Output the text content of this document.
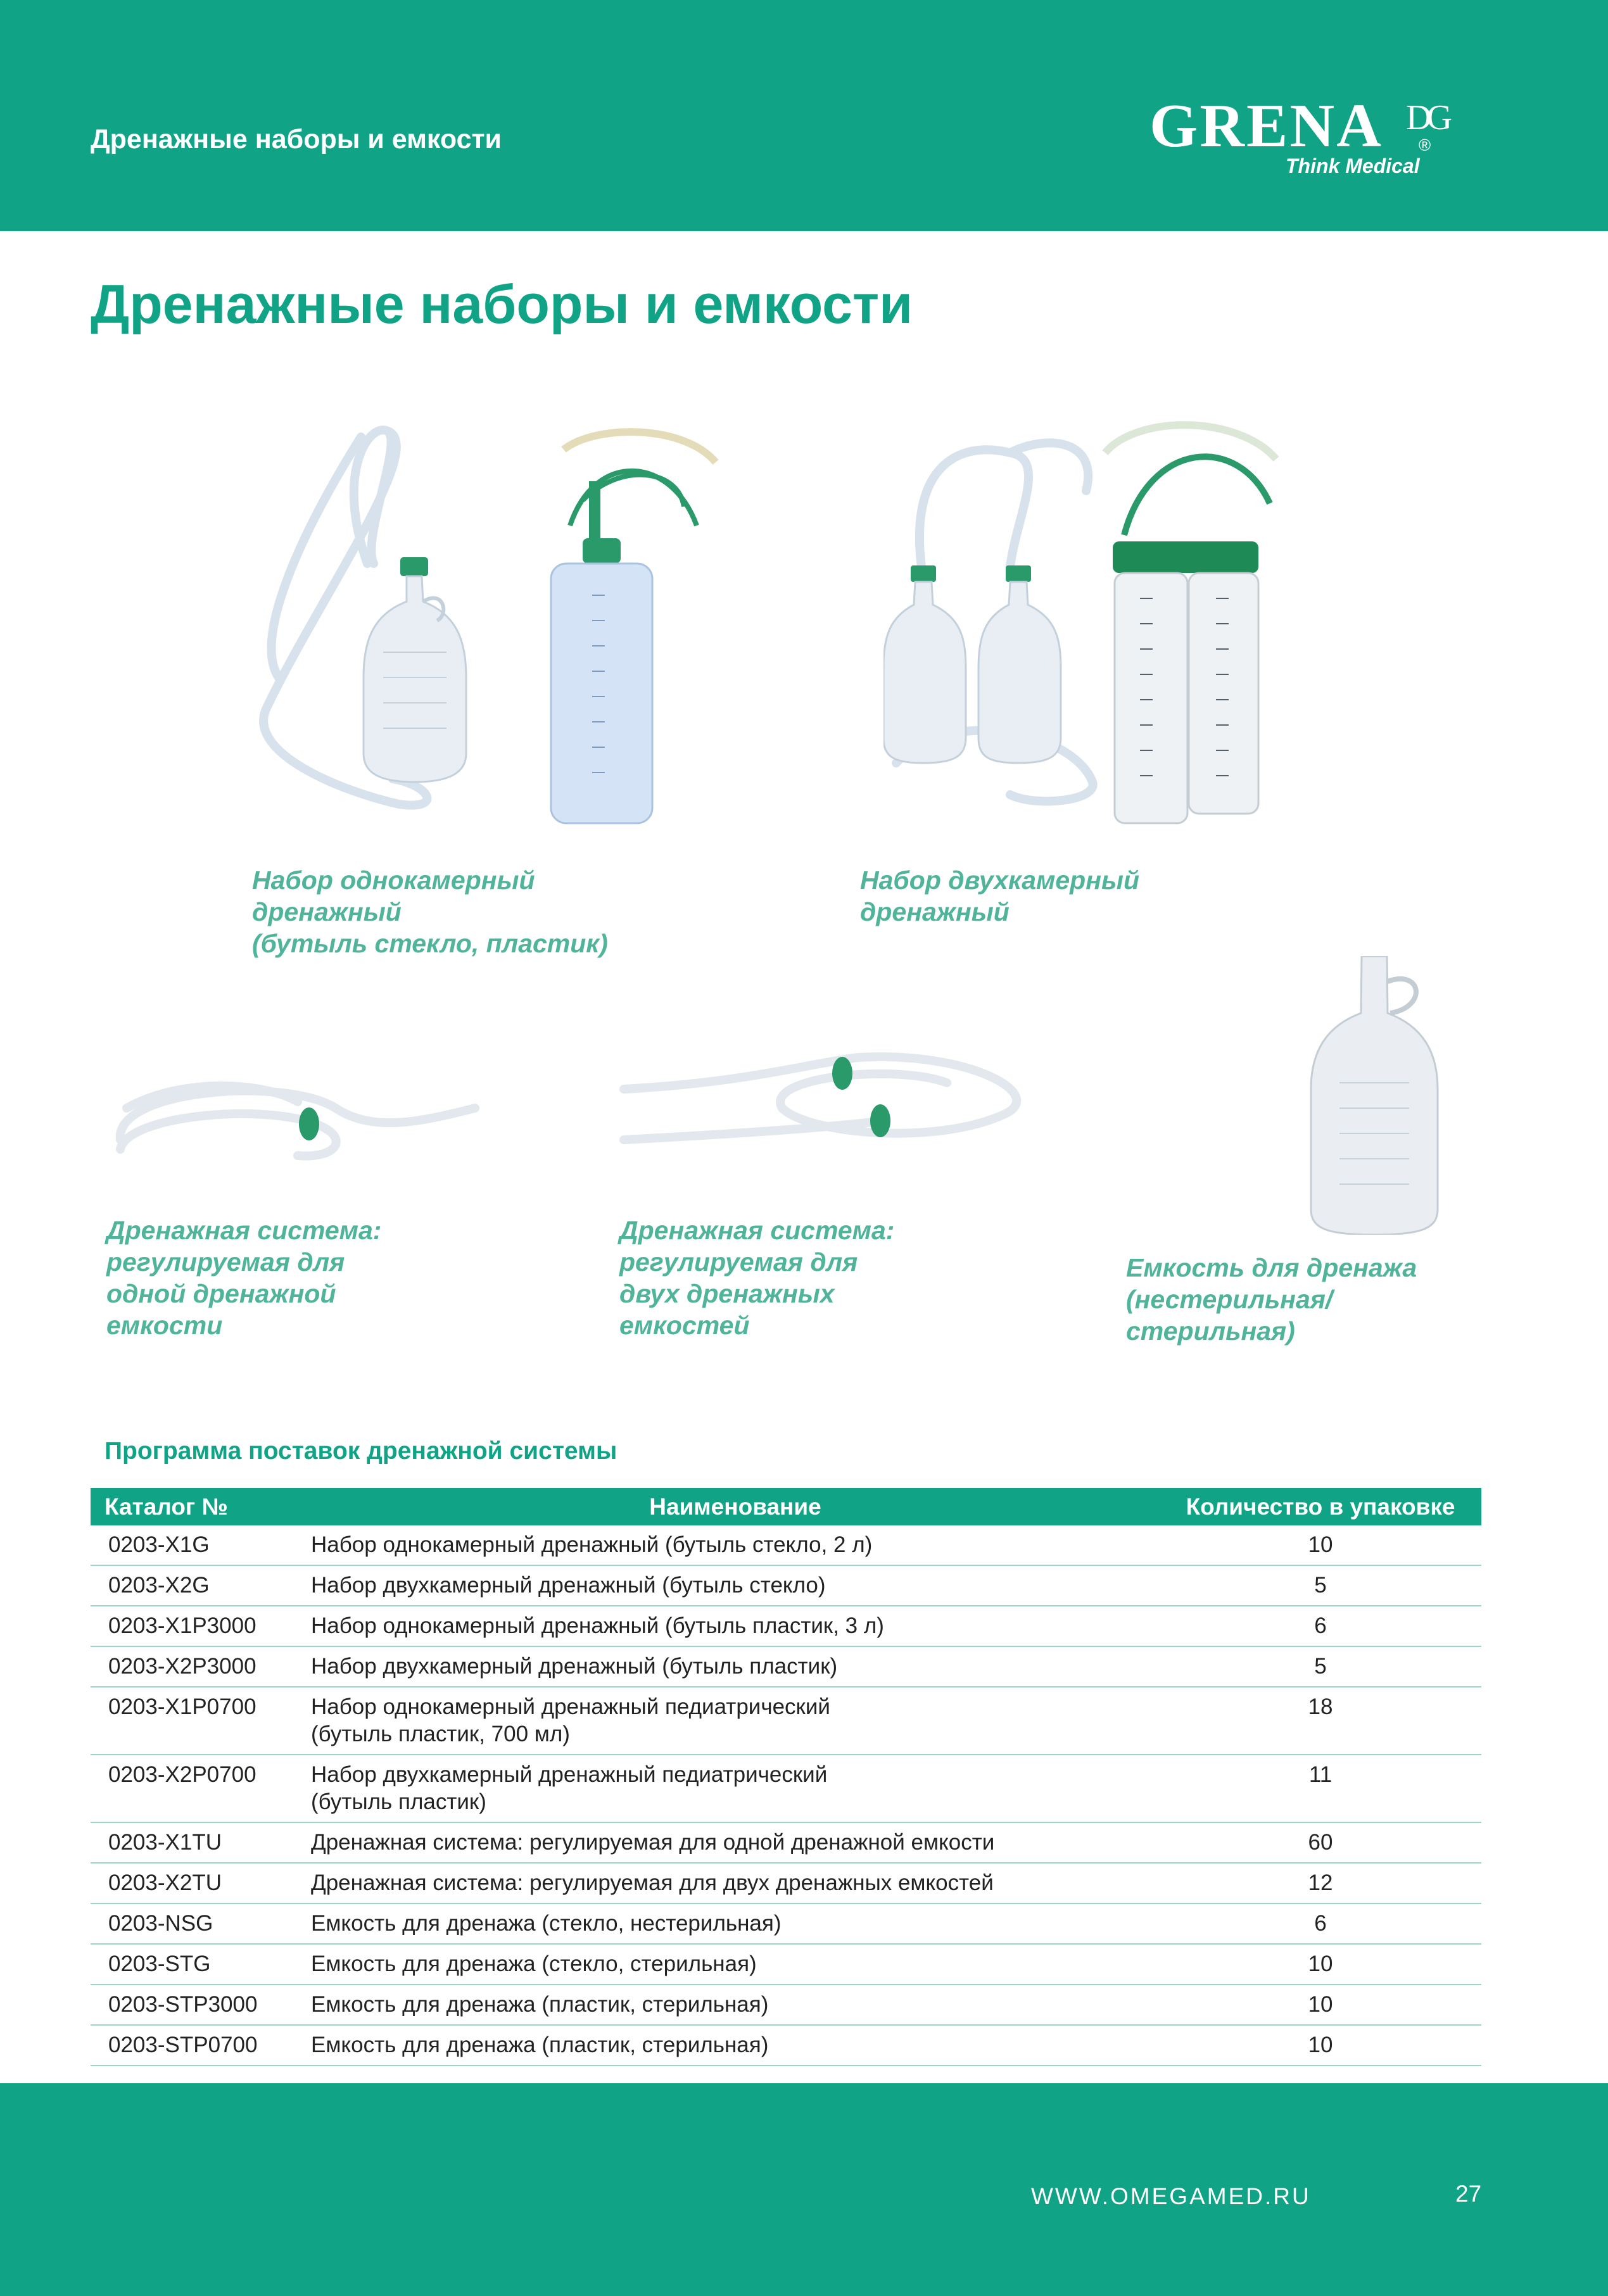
Дренажные наборы и емкости	GRENA DG
®
Think Medical
Дренажные наборы и емкости
Набор однокамерный
дренажный
(бутыль стекло, пластик)
Набор двухкамерный
дренажный
Дренажная система:
регулируемая для
одной дренажной
емкости
Дренажная система:
регулируемая для
двух дренажных
емкостей
Емкость для дренажа
(нестерильная/
стерильная)
Программа поставок дренажной системы
Каталог №	Наименование	Количество в упаковке
0203-X1G	Набор однокамерный дренажный (бутыль стекло, 2 л)	10
0203-X2G	Набор двухкамерный дренажный (бутыль стекло)	5
0203-X1P3000	Набор однокамерный дренажный (бутыль пластик, 3 л)	6
0203-X2P3000	Набор двухкамерный дренажный (бутыль пластик)	5
0203-X1P0700	Набор однокамерный дренажный педиатрический
(бутыль пластик, 700 мл)	18
0203-X2P0700	Набор двухкамерный дренажный педиатрический
(бутыль пластик)	11
0203-X1TU	Дренажная система: регулируемая для одной дренажной емкости	60
0203-X2TU	Дренажная система: регулируемая для двух дренажных емкостей	12
0203-NSG	Емкость для дренажа (стекло, нестерильная)	6
0203-STG	Емкость для дренажа (стекло, стерильная)	10
0203-STP3000	Емкость для дренажа (пластик, стерильная)	10
0203-STP0700	Емкость для дренажа (пластик, стерильная)	10
WWW.OMEGAMED.RU	27
